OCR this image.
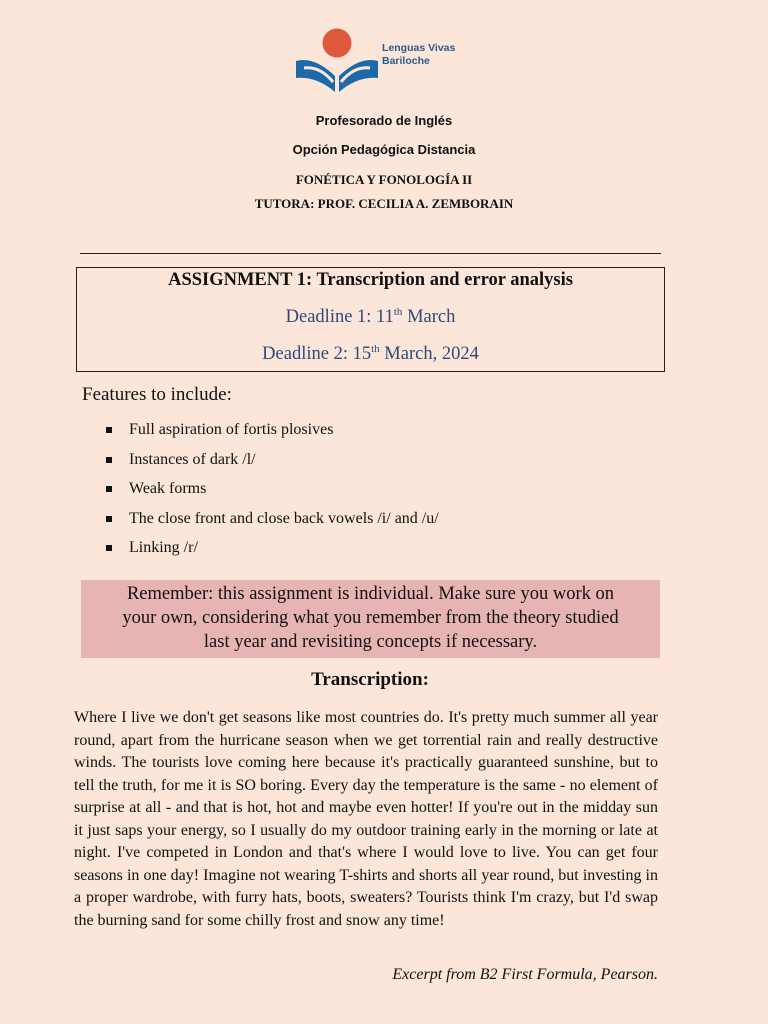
Lenguas Vivas
Bariloche
Profesorado de Inglés
Opción Pedagógica Distancia
FONÉTICA Y FONOLOGÍA II
TUTORA: PROF. CECILIA A. ZEMBORAIN
ASSIGNMENT 1: Transcription and error analysis
Deadline 1: 11th March
Deadline 2: 15th March, 2024
Features to include:
Full aspiration of fortis plosives
Instances of dark /l/
Weak forms
The close front and close back vowels /i/ and /u/
Linking /r/
Remember: this assignment is individual. Make sure you work on
your own, considering what you remember from the theory studied
last year and revisiting concepts if necessary.
Transcription:

Where I live we don't get seasons like most countries do. It's pretty much summer all year round, apart from the hurricane season when we get torrential rain and really destructive winds. The tourists love coming here because it's practically guaranteed sunshine, but to tell the truth, for me it is SO boring. Every day the temperature is the same - no element of surprise at all - and that is hot, hot and maybe even hotter! If you're out in the midday sun it just saps your energy, so I usually do my outdoor training early in the morning or late at night. I've competed in London and that's where I would love to live. You can get four seasons in one day! Imagine not wearing T-shirts and shorts all year round, but investing in a proper wardrobe, with furry hats, boots, sweaters? Tourists think I'm crazy, but I'd swap the burning sand for some chilly frost and snow any time!

Excerpt from B2 First Formula, Pearson.
